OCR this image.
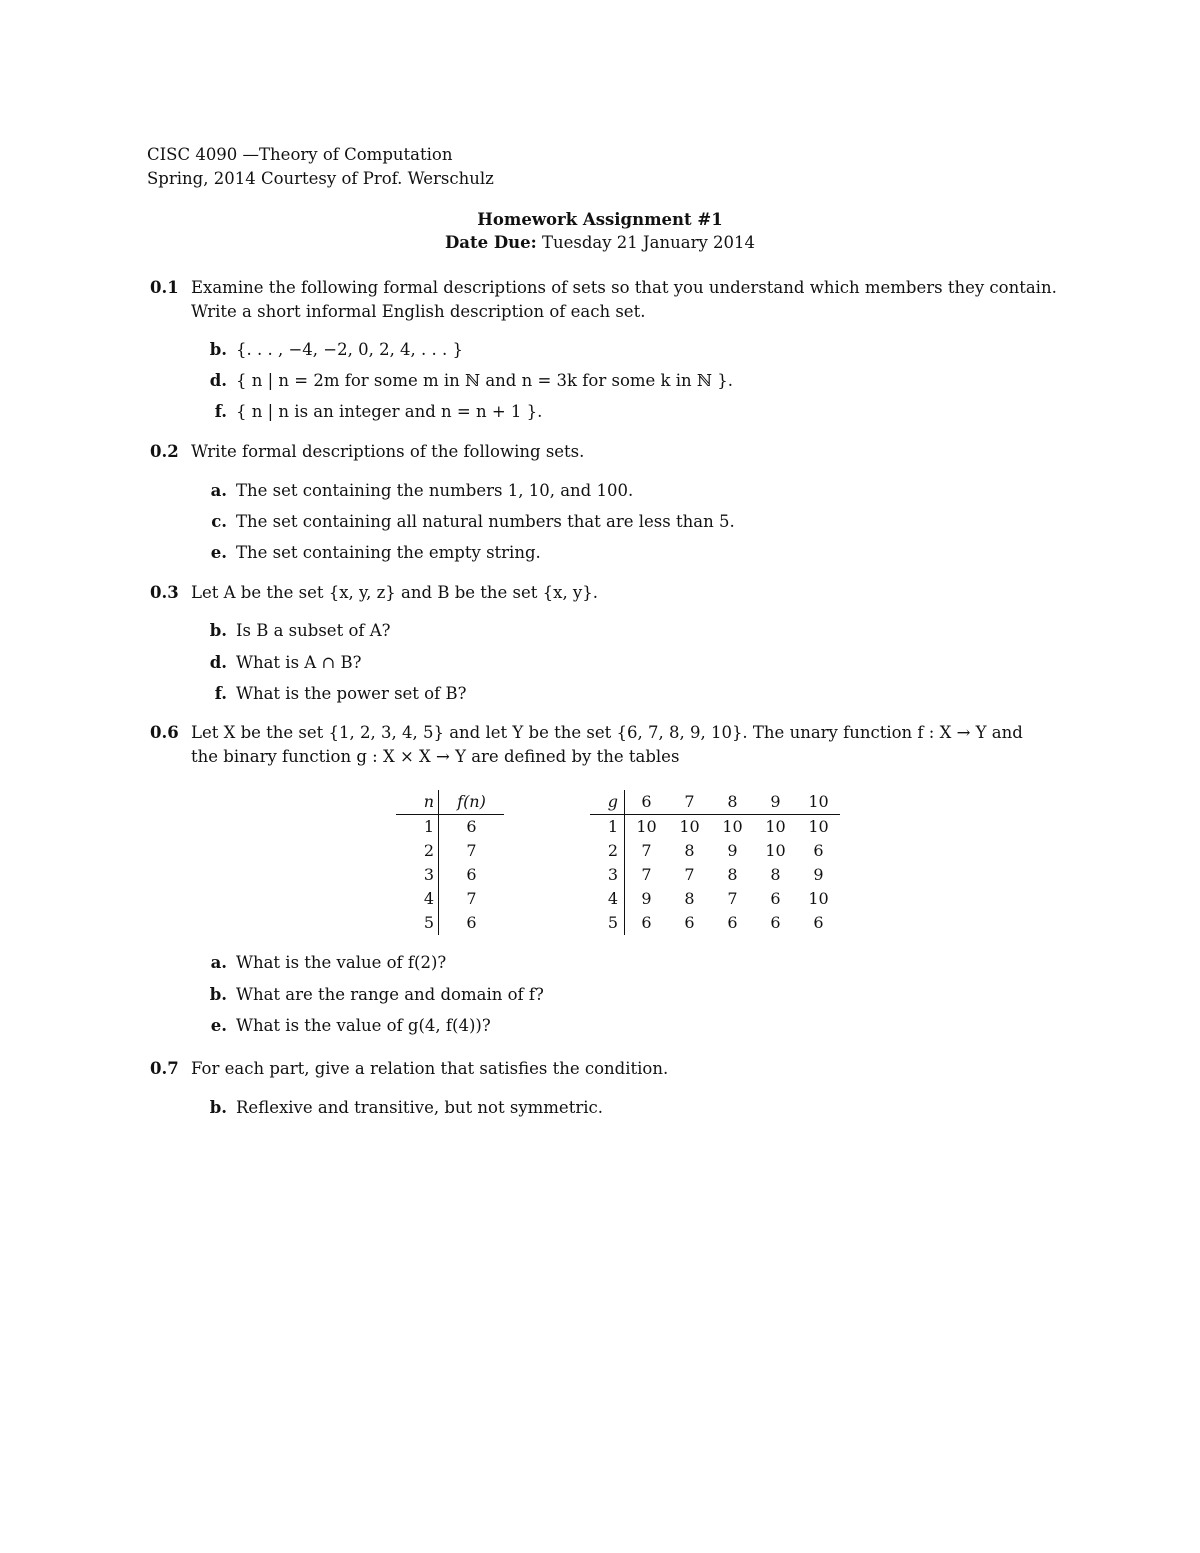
CISC 4090 —Theory of Computation
Spring, 2014 Courtesy of Prof. Werschulz
Homework Assignment #1
Date Due: Tuesday 21 January 2014
0.1 Examine the following formal descriptions of sets so that you understand which members they contain.
Write a short informal English description of each set.
b. {. . . , −4, −2, 0, 2, 4, . . . }
d. { n | n = 2m for some m in ℕ and n = 3k for some k in ℕ }.
f. { n | n is an integer and n = n + 1 }.
0.2 Write formal descriptions of the following sets.
a. The set containing the numbers 1, 10, and 100.
c. The set containing all natural numbers that are less than 5.
e. The set containing the empty string.
0.3 Let A be the set {x, y, z} and B be the set {x, y}.
b. Is B a subset of A?
d. What is A ∩ B?
f. What is the power set of B?
0.6 Let X be the set {1, 2, 3, 4, 5} and let Y be the set {6, 7, 8, 9, 10}. The unary function f : X → Y and
the binary function g : X × X → Y are defined by the tables
n	f(n)
1	6
2	7
3	6
4	7
5	6
g	6	7	8	9	10
1	10	10	10	10	10
2	7	8	9	10	6
3	7	7	8	8	9
4	9	8	7	6	10
5	6	6	6	6	6
a. What is the value of f(2)?
b. What are the range and domain of f?
e. What is the value of g(4, f(4))?
0.7 For each part, give a relation that satisfies the condition.
b. Reflexive and transitive, but not symmetric.
